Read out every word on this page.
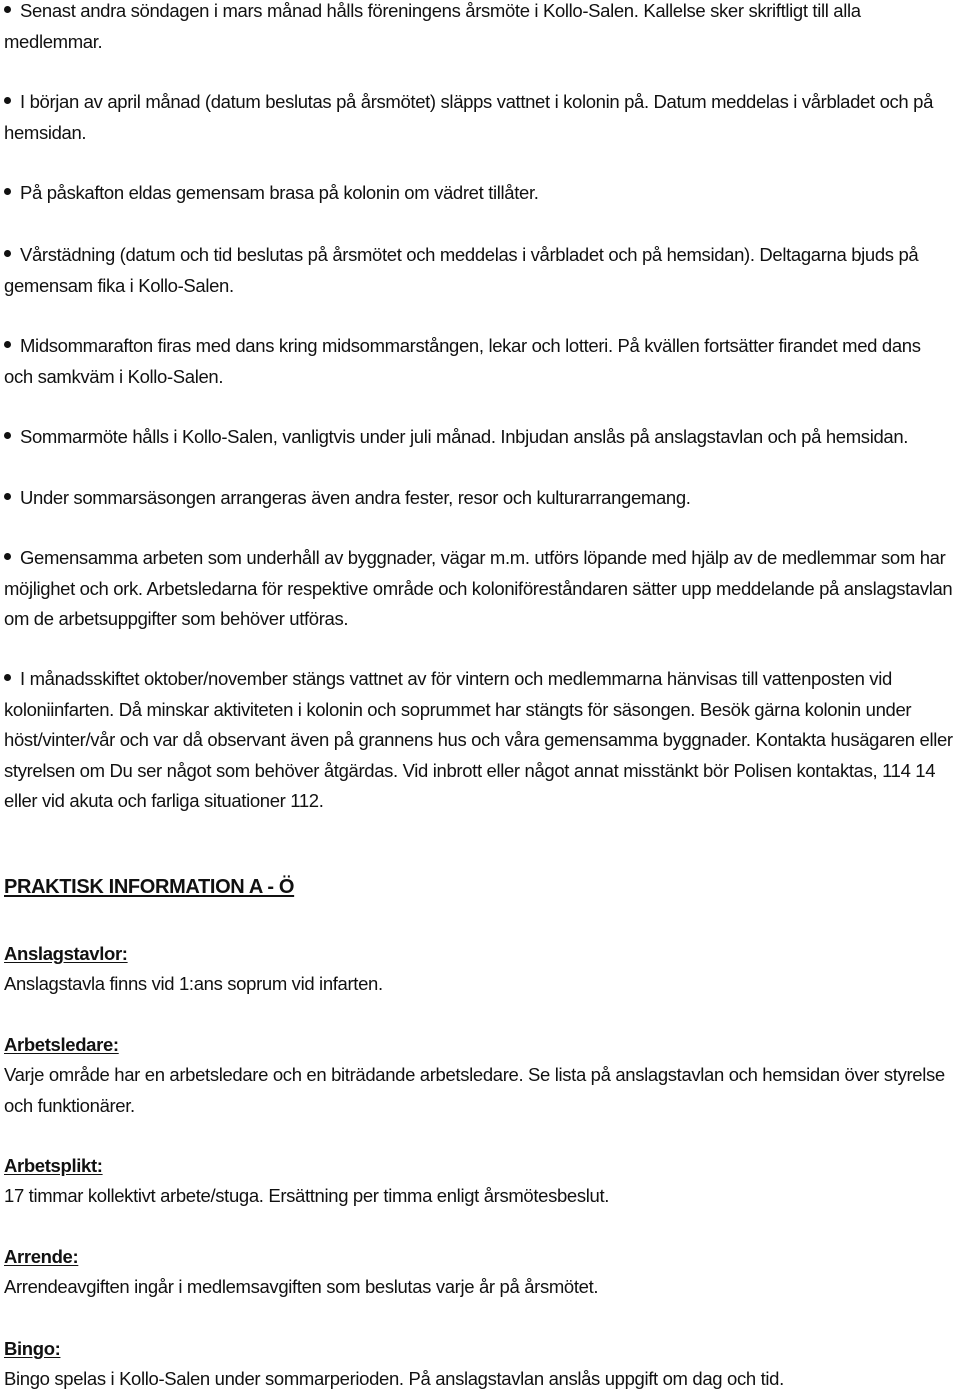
Senast andra söndagen i mars månad hålls föreningens årsmöte i Kollo-Salen. Kallelse sker skriftligt till alla medlemmar.

I början av april månad (datum beslutas på årsmötet) släpps vattnet i kolonin på. Datum meddelas i vårbladet och på hemsidan.

På påskafton eldas gemensam brasa på kolonin om vädret tillåter.

Vårstädning (datum och tid beslutas på årsmötet och meddelas i vårbladet och på hemsidan). Deltagarna bjuds på gemensam fika i Kollo-Salen.

Midsommarafton firas med dans kring midsommarstången, lekar och lotteri. På kvällen fortsätter firandet med dans och samkväm i Kollo-Salen.

Sommarmöte hålls i Kollo-Salen, vanligtvis under juli månad. Inbjudan anslås på anslagstavlan och på hemsidan.

Under sommarsäsongen arrangeras även andra fester, resor och kulturarrangemang.

Gemensamma arbeten som underhåll av byggnader, vägar m.m. utförs löpande med hjälp av de medlemmar som har möjlighet och ork. Arbetsledarna för respektive område och koloniföreståndaren sätter upp meddelande på anslagstavlan om de arbetsuppgifter som behöver utföras.

I månadsskiftet oktober/november stängs vattnet av för vintern och medlemmarna hänvisas till vattenposten vid koloniinfarten. Då minskar aktiviteten i kolonin och soprummet har stängts för säsongen. Besök gärna kolonin under höst/vinter/vår och var då observant även på grannens hus och våra gemensamma byggnader. Kontakta husägaren eller styrelsen om Du ser något som behöver åtgärdas. Vid inbrott eller något annat misstänkt bör Polisen kontaktas, 114 14 eller vid akuta och farliga situationer 112.

PRAKTISK INFORMATION A - Ö
Anslagstavlor:
Anslagstavla finns vid 1:ans soprum vid infarten.
Arbetsledare:
Varje område har en arbetsledare och en biträdande arbetsledare. Se lista på anslagstavlan och hemsidan över styrelse och funktionärer.
Arbetsplikt:
17 timmar kollektivt arbete/stuga. Ersättning per timma enligt årsmötesbeslut.
Arrende:
Arrendeavgiften ingår i medlemsavgiften som beslutas varje år på årsmötet.
Bingo:
Bingo spelas i Kollo-Salen under sommarperioden. På anslagstavlan anslås uppgift om dag och tid.
